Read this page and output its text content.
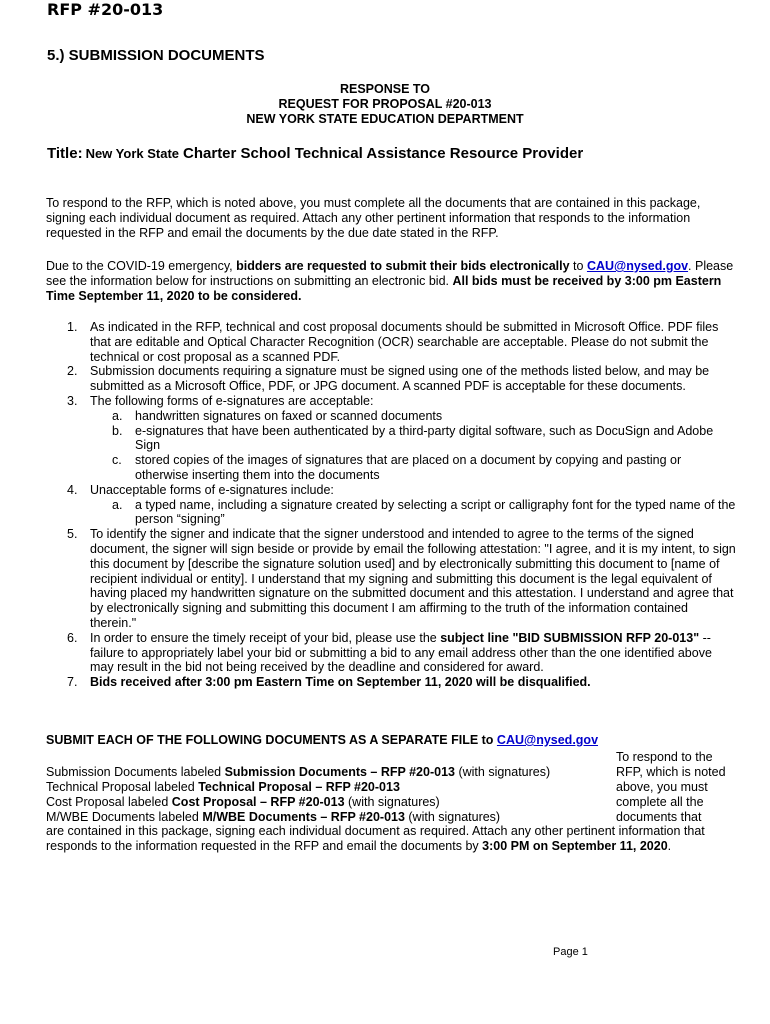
RFP #20-013
5.) SUBMISSION DOCUMENTS
RESPONSE TO
REQUEST FOR PROPOSAL #20-013
NEW YORK STATE EDUCATION DEPARTMENT
Title: New York State Charter School Technical Assistance Resource Provider
To respond to the RFP, which is noted above, you must complete all the documents that are contained in this package, signing each individual document as required. Attach any other pertinent information that responds to the information requested in the RFP and email the documents by the due date stated in the RFP.
Due to the COVID-19 emergency, bidders are requested to submit their bids electronically to CAU@nysed.gov. Please see the information below for instructions on submitting an electronic bid. All bids must be received by 3:00 pm Eastern Time September 11, 2020 to be considered.
1. As indicated in the RFP, technical and cost proposal documents should be submitted in Microsoft Office. PDF files that are editable and Optical Character Recognition (OCR) searchable are acceptable. Please do not submit the technical or cost proposal as a scanned PDF.
2. Submission documents requiring a signature must be signed using one of the methods listed below, and may be submitted as a Microsoft Office, PDF, or JPG document. A scanned PDF is acceptable for these documents.
3. The following forms of e-signatures are acceptable:
a. handwritten signatures on faxed or scanned documents
b. e-signatures that have been authenticated by a third-party digital software, such as DocuSign and Adobe Sign
c. stored copies of the images of signatures that are placed on a document by copying and pasting or otherwise inserting them into the documents
4. Unacceptable forms of e-signatures include:
a. a typed name, including a signature created by selecting a script or calligraphy font for the typed name of the person “signing”
5. To identify the signer and indicate that the signer understood and intended to agree to the terms of the signed document, the signer will sign beside or provide by email the following attestation: "I agree, and it is my intent, to sign this document by [describe the signature solution used] and by electronically submitting this document to [name of recipient individual or entity]. I understand that my signing and submitting this document is the legal equivalent of having placed my handwritten signature on the submitted document and this attestation. I understand and agree that by electronically signing and submitting this document I am affirming to the truth of the information contained therein."
6. In order to ensure the timely receipt of your bid, please use the subject line "BID SUBMISSION RFP 20-013" -- failure to appropriately label your bid or submitting a bid to any email address other than the one identified above may result in the bid not being received by the deadline and considered for award.
7. Bids received after 3:00 pm Eastern Time on September 11, 2020 will be disqualified.
SUBMIT EACH OF THE FOLLOWING DOCUMENTS AS A SEPARATE FILE to CAU@nysed.gov
To respond to the RFP, which is noted above, you must complete all the documents that
Submission Documents labeled Submission Documents – RFP #20-013 (with signatures)
Technical Proposal labeled Technical Proposal – RFP #20-013
Cost Proposal labeled Cost Proposal – RFP #20-013 (with signatures)
M/WBE Documents labeled M/WBE Documents – RFP #20-013 (with signatures)
are contained in this package, signing each individual document as required. Attach any other pertinent information that responds to the information requested in the RFP and email the documents by 3:00 PM on September 11, 2020.
Page 1
